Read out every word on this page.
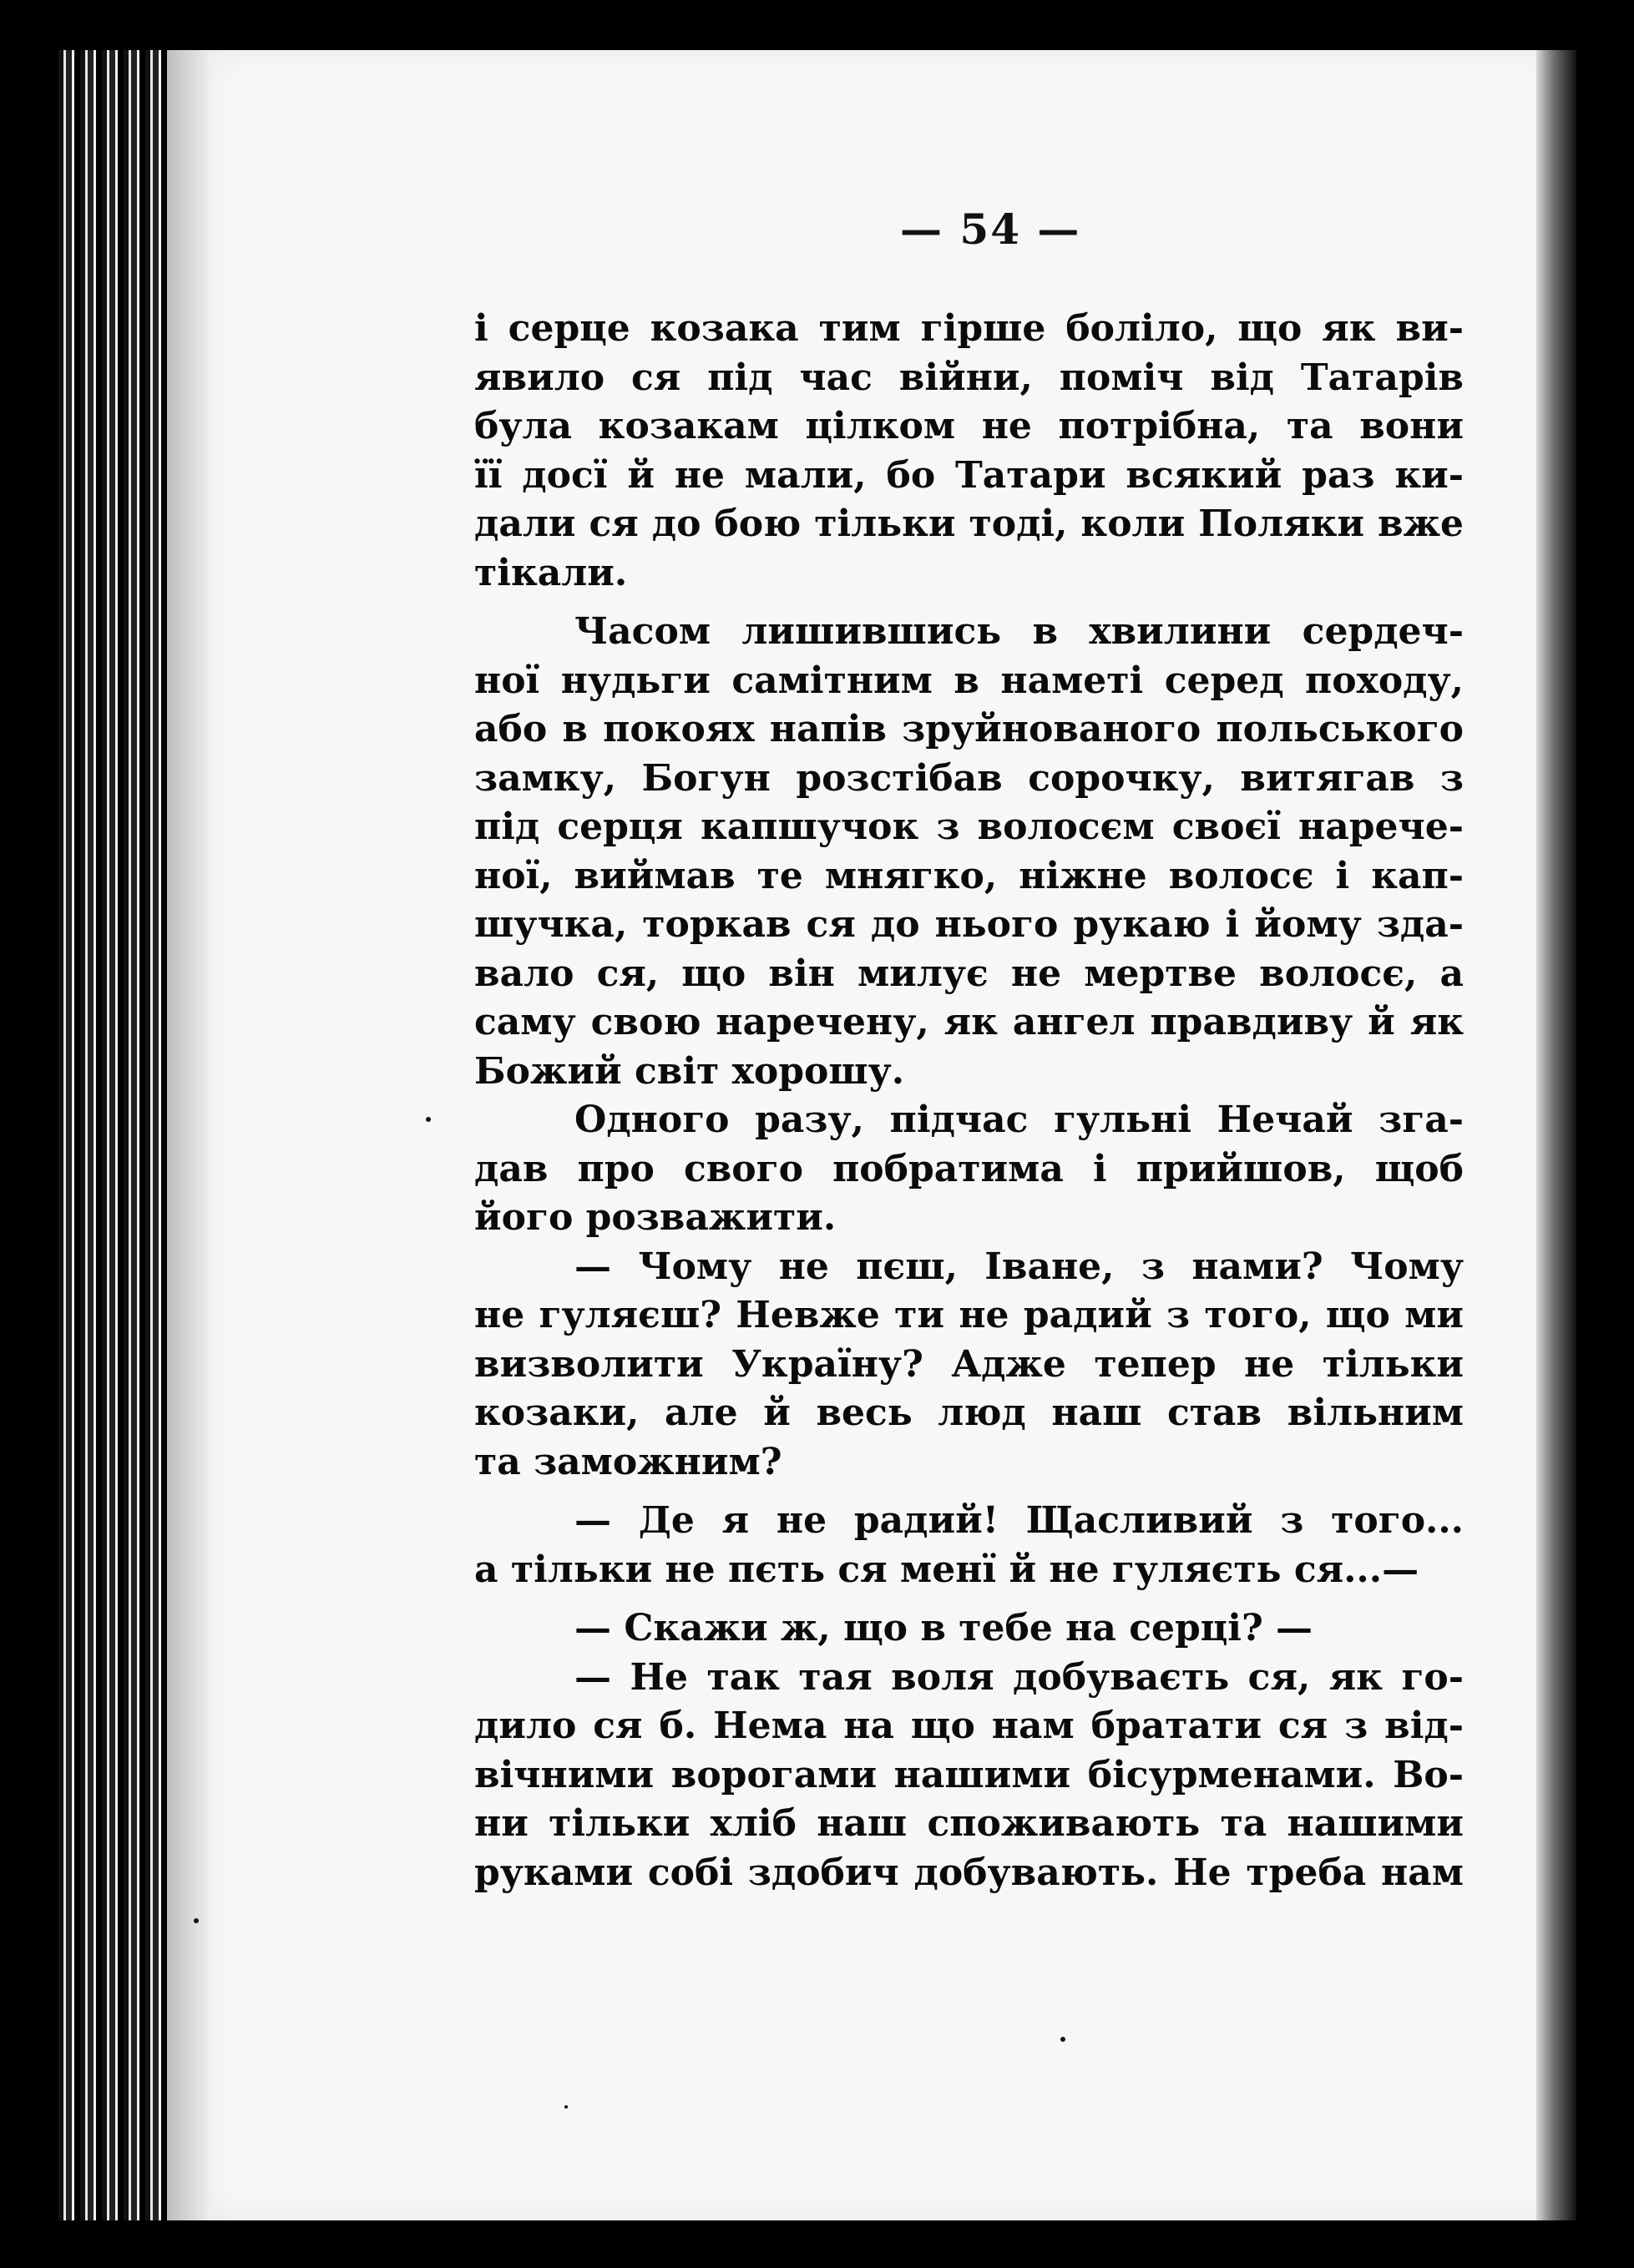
— 54 —
і серце козака тим гірше боліло, що як ви-
явило ся під час війни, поміч від Татарів
була козакам цілком не потрібна, та вони
її досї й не мали, бо Татари всякий раз ки-
дали ся до бою тільки тоді, коли Поляки вже
тікали.
Часом лишившись в хвилини сердеч-
ної нудьги самітним в наметі серед походу,
або в покоях напів зруйнованого польського
замку, Богун розстібав сорочку, витягав з
під серця капшучок з волосєм своєї нарече-
ної, виймав те мнягко, ніжне волосє і кап-
шучка, торкав ся до нього рукаю і йому зда-
вало ся, що він милує не мертве волосє, а
саму свою наречену, як ангел правдиву й як
Божий світ хорошу.
Одного разу, підчас гульні Нечай зга-
дав про свого побратима і прийшов, щоб
його розважити.
— Чому не пєш, Іване, з нами? Чому
не гуляєш? Невже ти не радий з того, що ми
визволити Україну? Адже тепер не тільки
козаки, але й весь люд наш став вільним
та заможним?
— Де я не радий! Щасливий з того...
а тільки не пєть ся менї й не гуляєть ся...—
— Скажи ж, що в тебе на серці? —
— Не так тая воля добуваєть ся, як го-
дило ся б. Нема на що нам братати ся з від-
вічними ворогами нашими бісурменами. Во-
ни тільки хліб наш споживають та нашими
руками собі здобич добувають. Не треба нам
